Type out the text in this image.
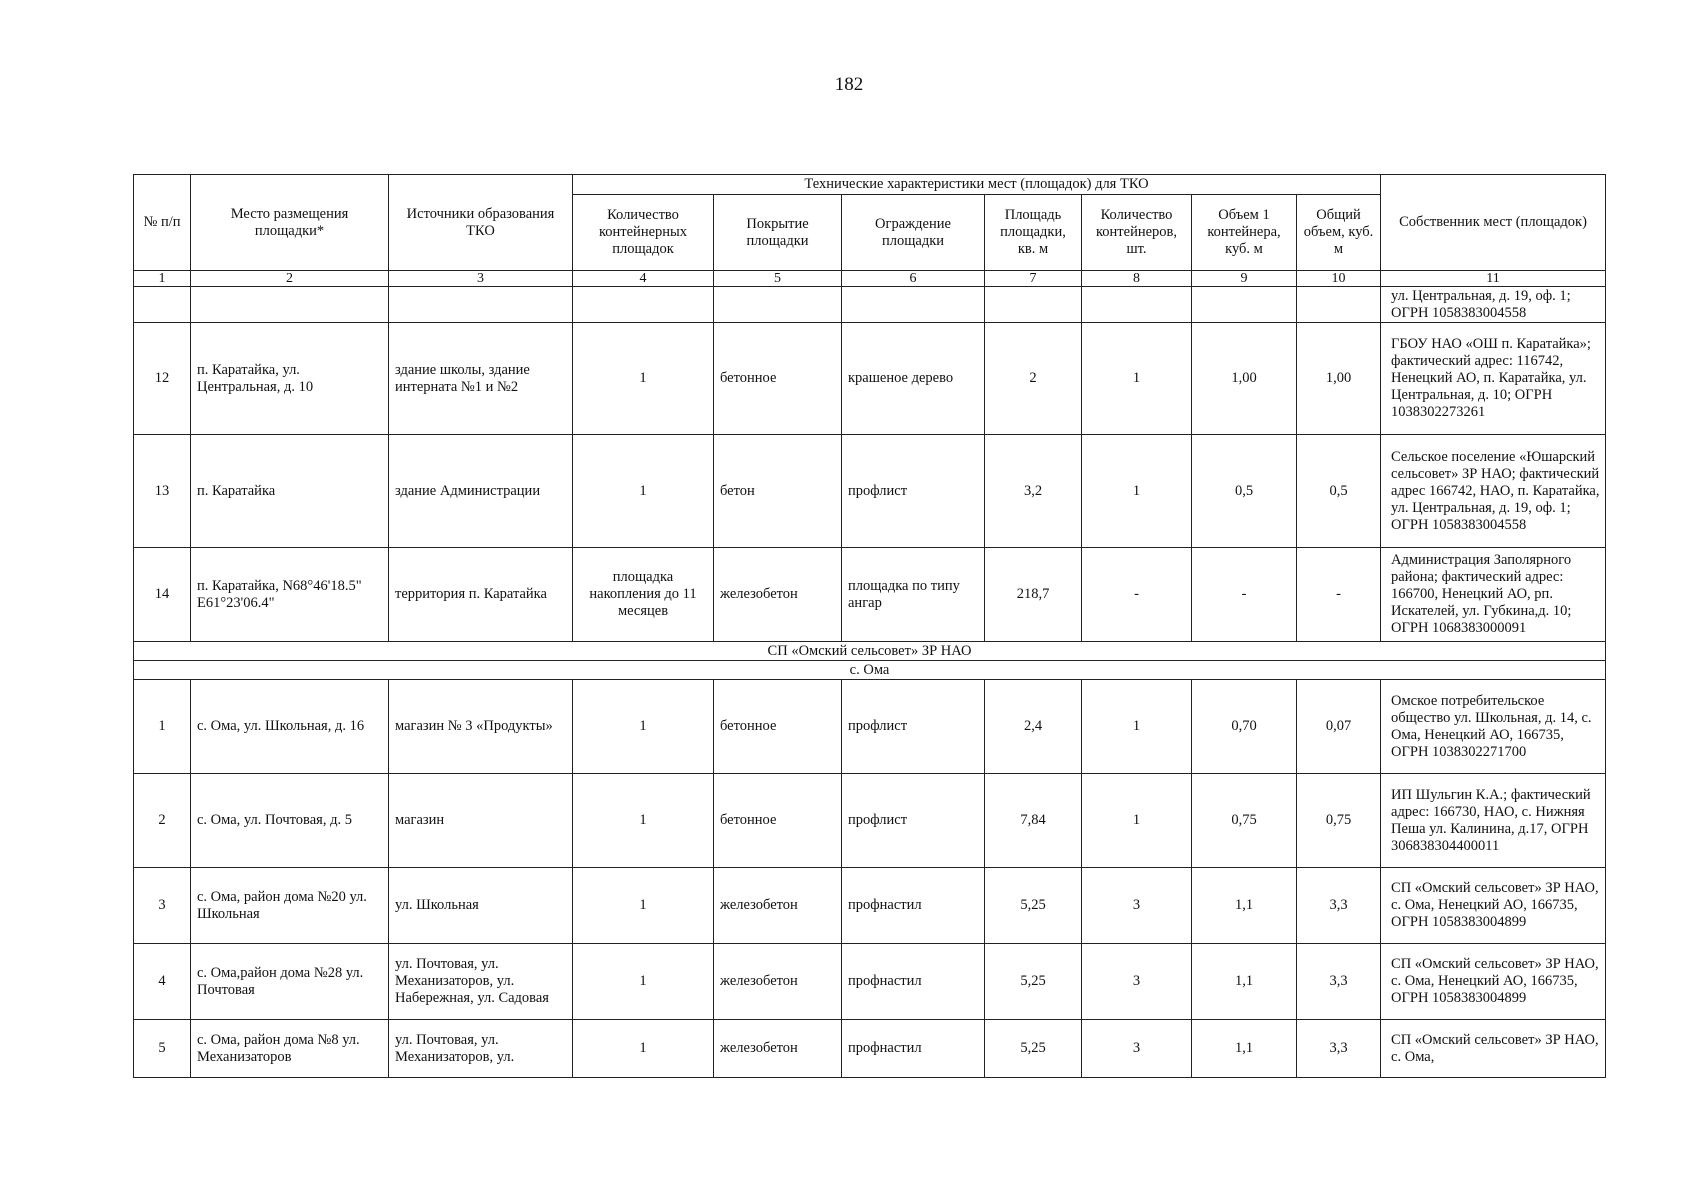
182
№ п/п	Место размещения площадки*	Источники образования ТКО	Технические характеристики мест (площадок) для ТКО							Собственник мест (площадок)
			Количество контейнерных площадок	Покрытие площадки	Ограждение площадки	Площадь площадки, кв. м	Количество контейнеров, шт.	Объем 1 контейнера, куб. м	Общий объем, куб. м	
1	2	3	4	5	6	7	8	9	10	11
										ул. Центральная, д. 19, оф. 1; ОГРН 1058383004558
12	п. Каратайка, ул. Центральная, д. 10	здание школы, здание интерната №1 и №2	1	бетонное	крашеное дерево	2	1	1,00	1,00	ГБОУ НАО «ОШ п. Каратайка»; фактический адрес: 116742, Ненецкий АО, п. Каратайка, ул. Центральная, д. 10; ОГРН 1038302273261
13	п. Каратайка	здание Администрации	1	бетон	профлист	3,2	1	0,5	0,5	Сельское поселение «Юшарский сельсовет» ЗР НАО; фактический адрес 166742, НАО, п. Каратайка, ул. Центральная, д. 19, оф. 1; ОГРН 1058383004558
14	п. Каратайка, N68°46'18.5" E61°23'06.4"	территория п. Каратайка	площадка накопления до 11 месяцев	железобетон	площадка по типу ангар	218,7	-	-	-	Администрация Заполярного района; фактический адрес: 166700, Ненецкий АО, рп. Искателей, ул. Губкина,д. 10; ОГРН 1068383000091
СП «Омский сельсовет» ЗР НАО										
с. Ома										
1	с. Ома, ул. Школьная, д. 16	магазин № 3 «Продукты»	1	бетонное	профлист	2,4	1	0,70	0,07	Омское потребительское общество ул. Школьная, д. 14, с. Ома, Ненецкий АО, 166735, ОГРН 1038302271700
2	с. Ома, ул. Почтовая, д. 5	магазин	1	бетонное	профлист	7,84	1	0,75	0,75	ИП Шульгин К.А.; фактический адрес: 166730, НАО, с. Нижняя Пеша ул. Калинина, д.17, ОГРН 306838304400011
3	с. Ома, район дома №20 ул. Школьная	ул. Школьная	1	железобетон	профнастил	5,25	3	1,1	3,3	СП «Омский сельсовет» ЗР НАО, с. Ома, Ненецкий АО, 166735, ОГРН 1058383004899
4	с. Ома,район дома №28 ул. Почтовая	ул. Почтовая, ул. Механизаторов, ул. Набережная, ул. Садовая	1	железобетон	профнастил	5,25	3	1,1	3,3	СП «Омский сельсовет» ЗР НАО, с. Ома, Ненецкий АО, 166735, ОГРН 1058383004899
5	с. Ома, район дома №8 ул. Механизаторов	ул. Почтовая, ул. Механизаторов, ул.	1	железобетон	профнастил	5,25	3	1,1	3,3	СП «Омский сельсовет» ЗР НАО, с. Ома,
